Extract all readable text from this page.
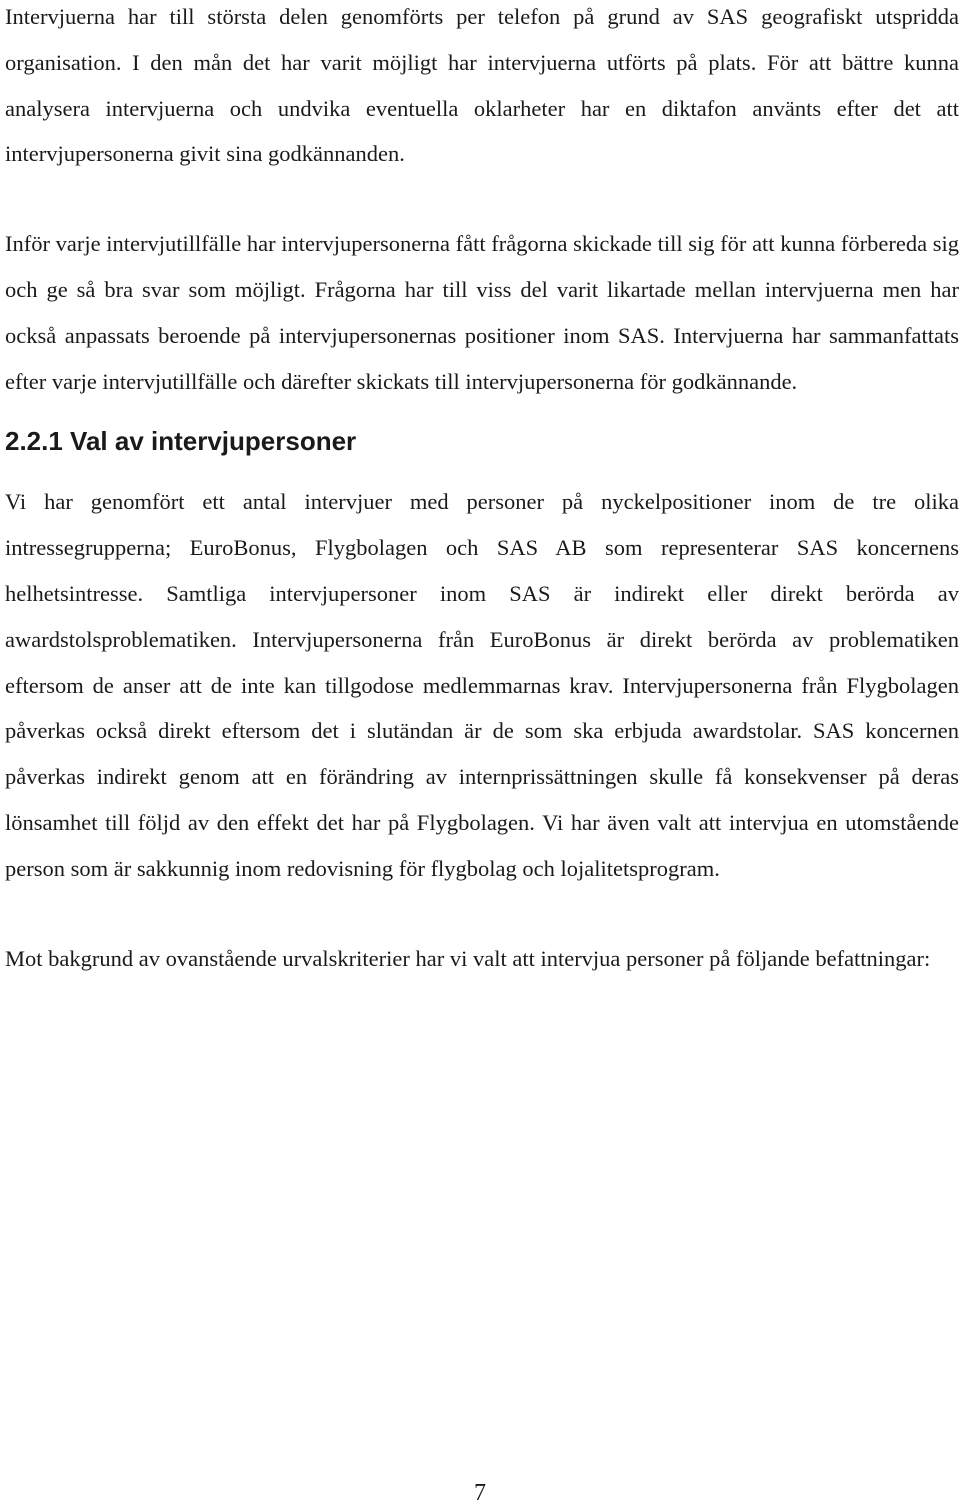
Intervjuerna har till största delen genomförts per telefon på grund av SAS geografiskt utspridda organisation. I den mån det har varit möjligt har intervjuerna utförts på plats. För att bättre kunna analysera intervjuerna och undvika eventuella oklarheter har en diktafon använts efter det att intervjupersonerna givit sina godkännanden.

Inför varje intervjutillfälle har intervjupersonerna fått frågorna skickade till sig för att kunna förbereda sig och ge så bra svar som möjligt. Frågorna har till viss del varit likartade mellan intervjuerna men har också anpassats beroende på intervjupersonernas positioner inom SAS. Intervjuerna har sammanfattats efter varje intervjutillfälle och därefter skickats till intervjupersonerna för godkännande.

2.2.1 Val av intervjupersoner

Vi har genomfört ett antal intervjuer med personer på nyckelpositioner inom de tre olika intressegrupperna; EuroBonus, Flygbolagen och SAS AB som representerar SAS koncernens helhetsintresse. Samtliga intervjupersoner inom SAS är indirekt eller direkt berörda av awardstolsproblematiken. Intervjupersonerna från EuroBonus är direkt berörda av problematiken eftersom de anser att de inte kan tillgodose medlemmarnas krav. Intervjupersonerna från Flygbolagen påverkas också direkt eftersom det i slutändan är de som ska erbjuda awardstolar. SAS koncernen påverkas indirekt genom att en förändring av internprissättningen skulle få konsekvenser på deras lönsamhet till följd av den effekt det har på Flygbolagen. Vi har även valt att intervjua en utomstående person som är sakkunnig inom redovisning för flygbolag och lojalitetsprogram.

Mot bakgrund av ovanstående urvalskriterier har vi valt att intervjua personer på följande befattningar:

7
